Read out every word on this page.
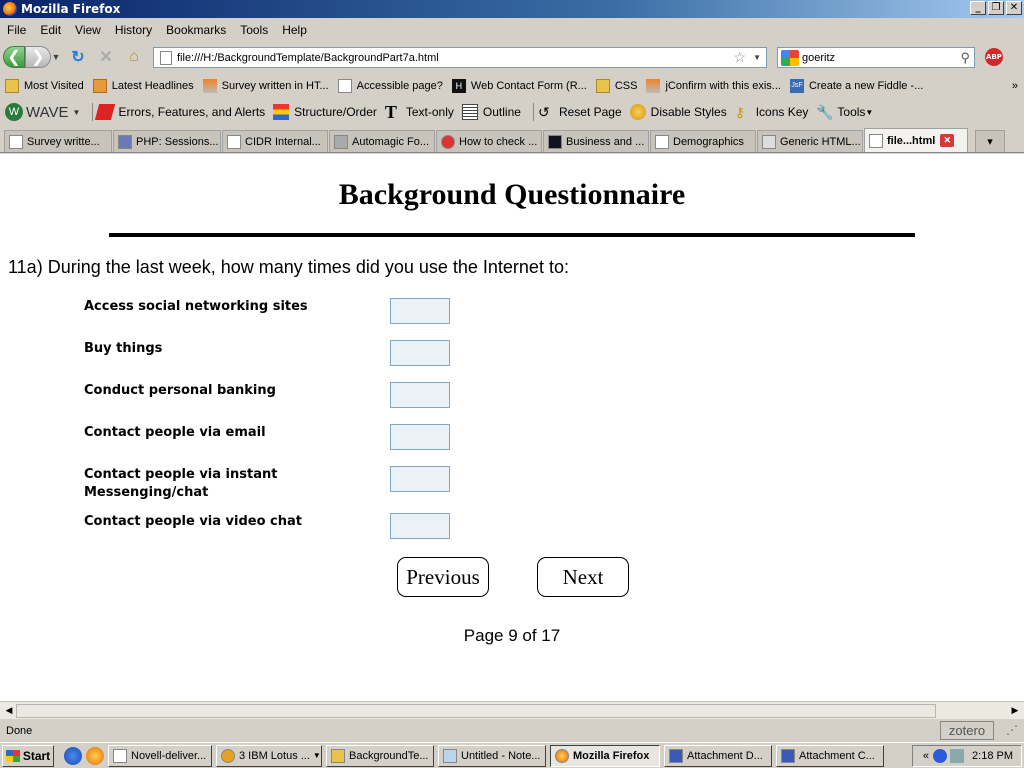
Mozilla Firefox	_	❐ ✕
File	Edit	View	History	Bookmarks	Tools	Help
❮ ❯ ▼ ↻ ✕	⌂	file:///H:/BackgroundTemplate/BackgroundPart7a.html	☆ ▼	goeritz	⚲ ABP
Most Visited	Latest Headlines	Survey written in HT...	Accessible page?	H Web Contact Form (R...	CSS	jConfirm with this exis... JsF Create a new Fiddle -...	»
W WAVE ▼	Errors, Features, and Alerts Structure/Order T Text-only Outline ↺ Reset Page Disable Styles ⚷ Icons Key 🔧 Tools ▼
Survey writte...	PHP: Sessions... CIDR Internal...	Automagic Fo...	How to check ...	Business and ...	Demographics	Generic HTML... file...html ✕	▾
Background Questionnaire
11a) During the last week, how many times did you use the Internet to:
Access social networking sites
Buy things
Conduct personal banking
Contact people via email
Contact people via instant Messenging/chat
Contact people via video chat
Previous	Next
Page 9 of 17
◀	▶
Done	zotero	⋰
Start	Novell-deliver...	3 IBM Lotus ... ▼	BackgroundTe...	Untitled - Note...	Mozilla Firefox	Attachment D...	Attachment C...	«	2:18 PM
